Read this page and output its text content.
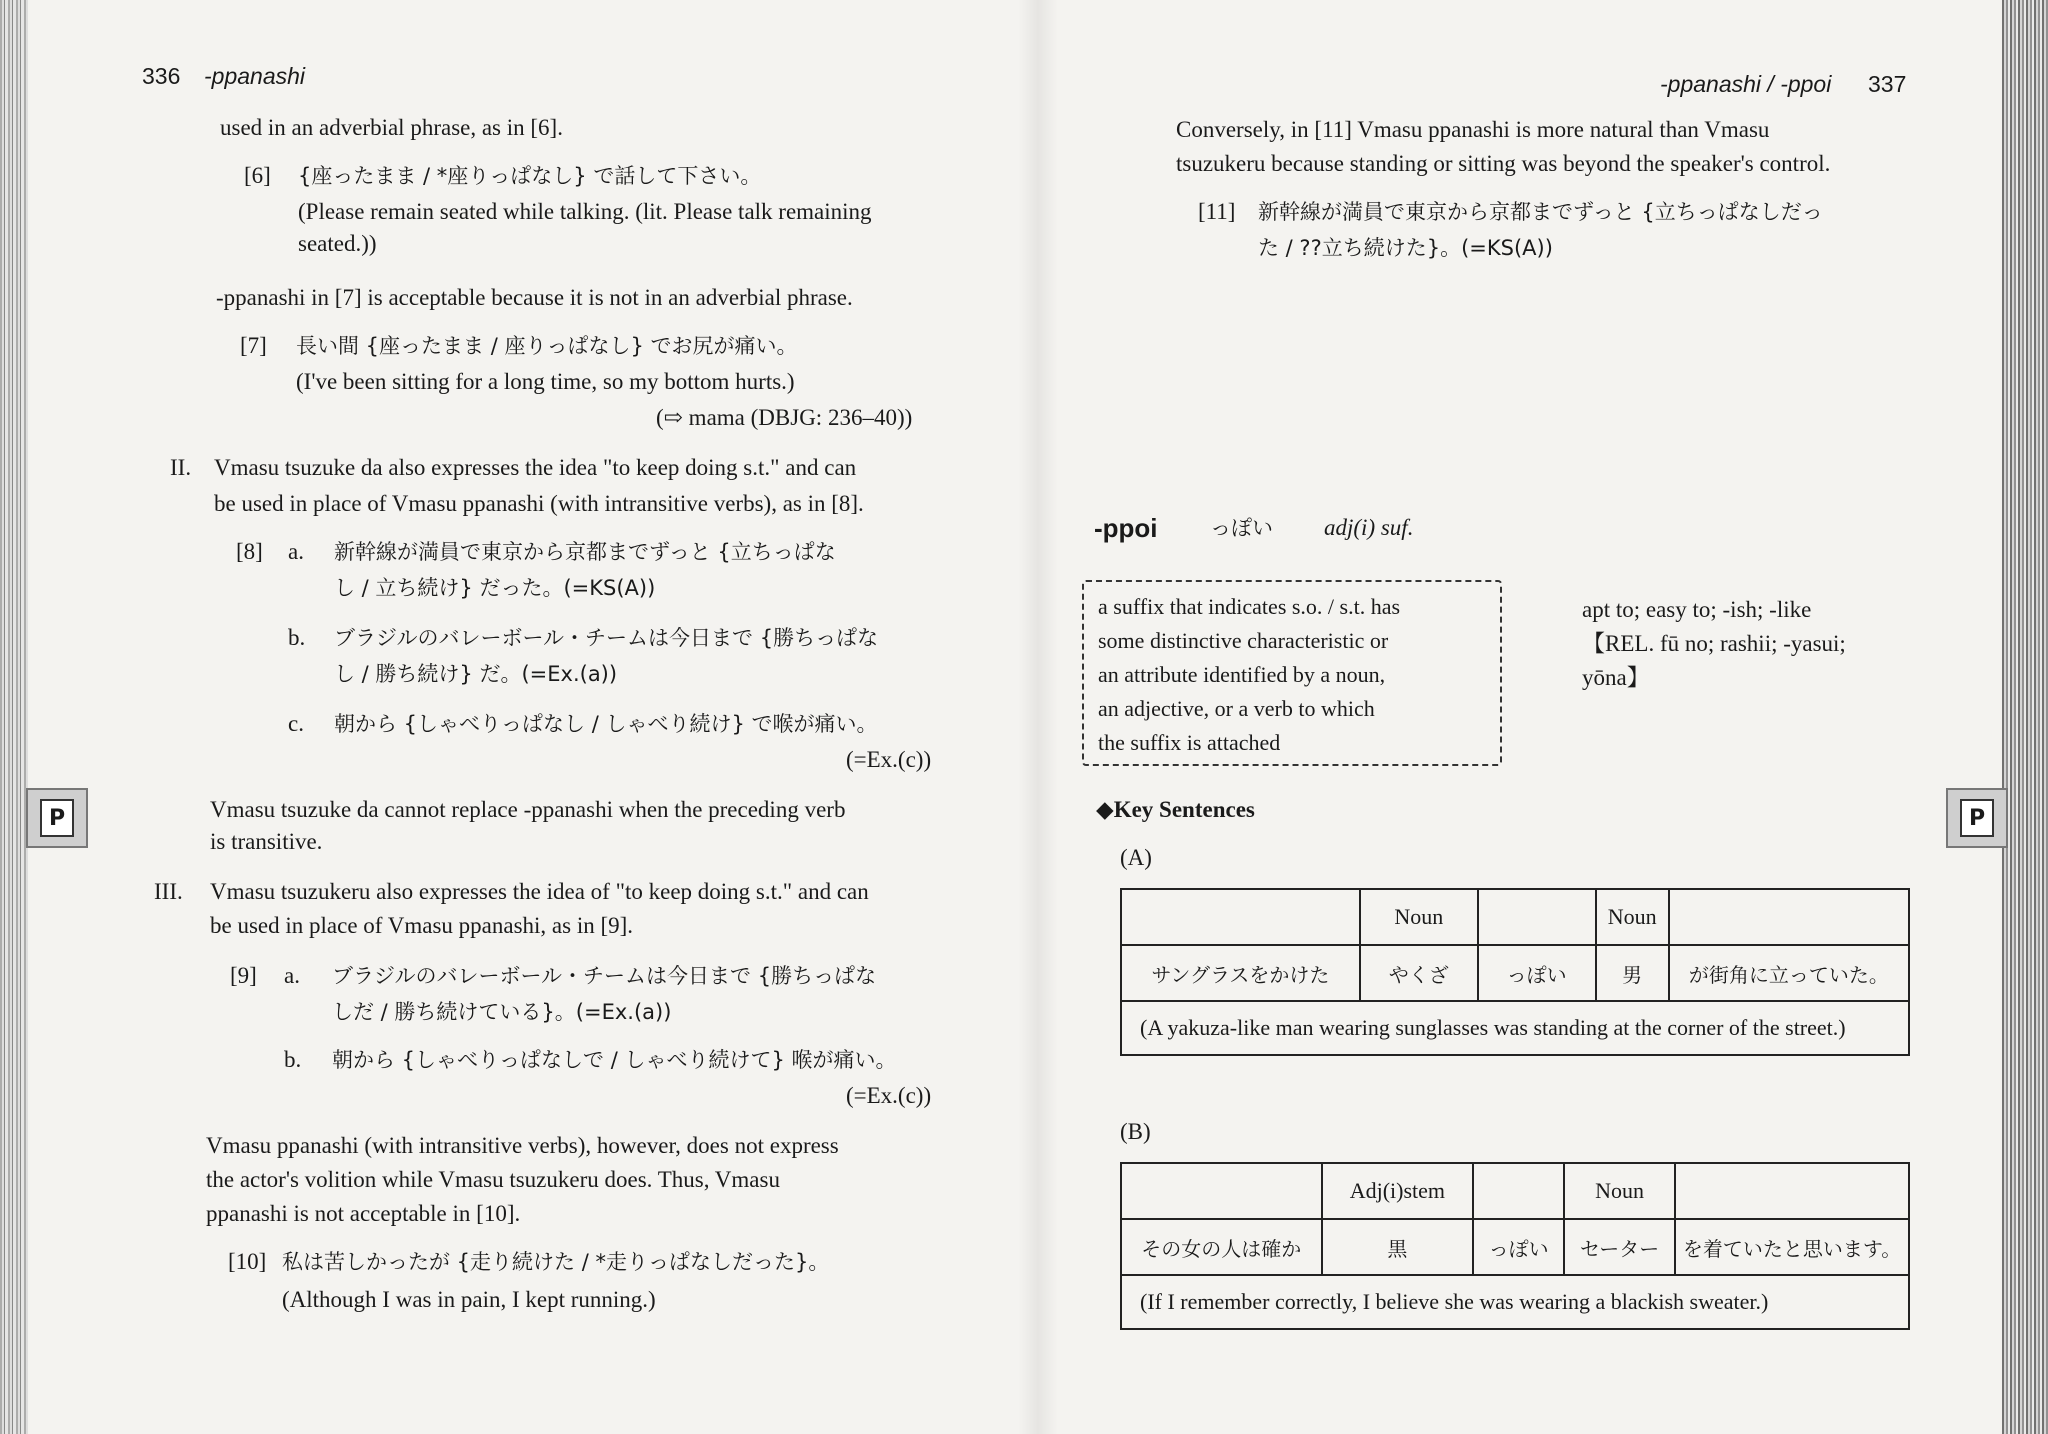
P	P
336 -ppanashi
used in an adverbial phrase, as in [6].
[6] {座ったまま / *座りっぱなし} で話して下さい。
(Please remain seated while talking. (lit. Please talk remaining
seated.))
-ppanashi in [7] is acceptable because it is not in an adverbial phrase.
[7] 長い間 {座ったまま / 座りっぱなし} でお尻が痛い。
(I've been sitting for a long time, so my bottom hurts.)
(⇨ mama (DBJG: 236–40))
II. Vmasu tsuzuke da also expresses the idea "to keep doing s.t." and can
be used in place of Vmasu ppanashi (with intransitive verbs), as in [8].
[8] a. 新幹線が満員で東京から京都までずっと {立ちっぱな
し / 立ち続け} だった。(=KS(A))
b. ブラジルのバレーボール・チームは今日まで {勝ちっぱな
し / 勝ち続け} だ。(=Ex.(a))
c. 朝から {しゃべりっぱなし / しゃべり続け} で喉が痛い。
(=Ex.(c))
Vmasu tsuzuke da cannot replace -ppanashi when the preceding verb
is transitive.
III. Vmasu tsuzukeru also expresses the idea of "to keep doing s.t." and can
be used in place of Vmasu ppanashi, as in [9].
[9] a. ブラジルのバレーボール・チームは今日まで {勝ちっぱな
しだ / 勝ち続けている}。(=Ex.(a))
b. 朝から {しゃべりっぱなしで / しゃべり続けて} 喉が痛い。
(=Ex.(c))
Vmasu ppanashi (with intransitive verbs), however, does not express
the actor's volition while Vmasu tsuzukeru does. Thus, Vmasu
ppanashi is not acceptable in [10].
[10] 私は苦しかったが {走り続けた / *走りっぱなしだった}。
(Although I was in pain, I kept running.)
-ppanashi / -ppoi 337
Conversely, in [11] Vmasu ppanashi is more natural than Vmasu
tsuzukeru because standing or sitting was beyond the speaker's control.
[11] 新幹線が満員で東京から京都までずっと {立ちっぱなしだっ
た / ??立ち続けた}。(=KS(A))
-ppoi っぽい adj(i) suf.
a suffix that indicates s.o. / s.t. has
some distinctive characteristic or
an attribute identified by a noun,
an adjective, or a verb to which
the suffix is attached
apt to; easy to; -ish; -like
【REL. fū no; rashii; -yasui;
yōna】
◆Key Sentences
(A)
	Noun		Noun	
サングラスをかけた	やくざ	っぽい	男	が街角に立っていた。
(A yakuza-like man wearing sunglasses was standing at the corner of the street.)				
(B)
	Adj(i)stem		Noun	
その女の人は確か	黒	っぽい	セーター	を着ていたと思います。
(If I remember correctly, I believe she was wearing a blackish sweater.)				
